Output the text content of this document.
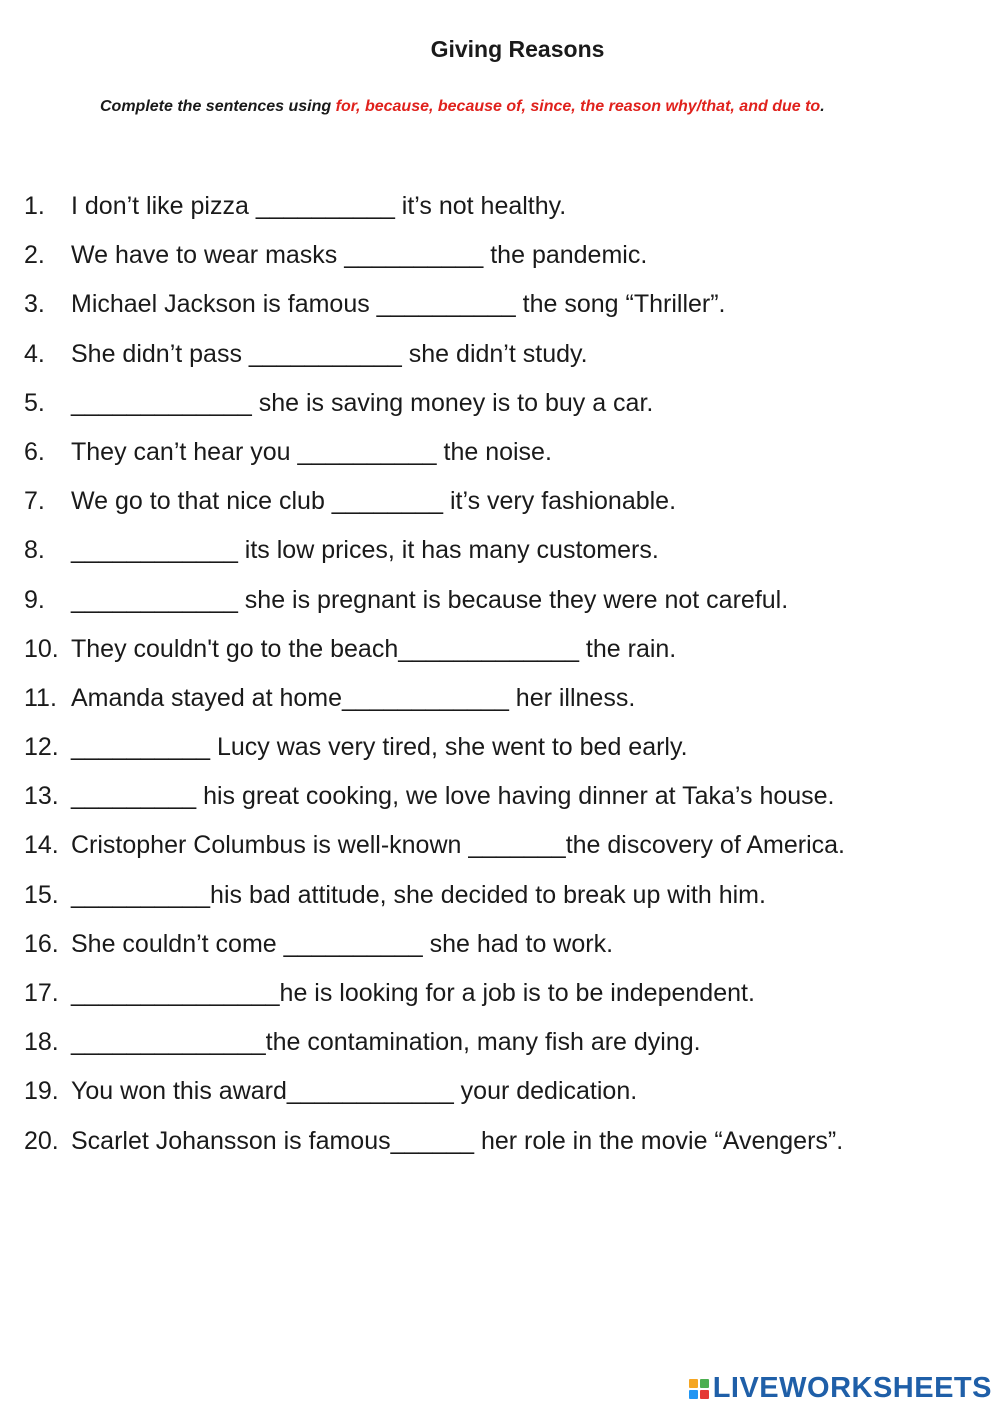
Giving Reasons
Complete the sentences using for, because, because of, since, the reason why/that, and due to.
1. I don’t like pizza __________ it’s not healthy.
2. We have to wear masks __________ the pandemic.
3. Michael Jackson is famous __________ the song “Thriller”.
4. She didn’t pass ___________ she didn’t study.
5. _____________ she is saving money is to buy a car.
6. They can’t hear you __________ the noise.
7. We go to that nice club ________ it’s very fashionable.
8. ____________ its low prices, it has many customers.
9. ____________ she is pregnant is because they were not careful.
10. They couldn't go to the beach_____________ the rain.
11. Amanda stayed at home____________ her illness.
12. __________ Lucy was very tired, she went to bed early.
13. _________ his great cooking, we love having dinner at Taka’s house.
14. Cristopher Columbus is well-known _______the discovery of America.
15. __________his bad attitude, she decided to break up with him.
16. She couldn’t come __________ she had to work.
17. _______________he is looking for a job is to be independent.
18. ______________the contamination, many fish are dying.
19. You won this award____________ your dedication.
20. Scarlet Johansson is famous______ her role in the movie “Avengers”.
LIVEWORKSHEETS
